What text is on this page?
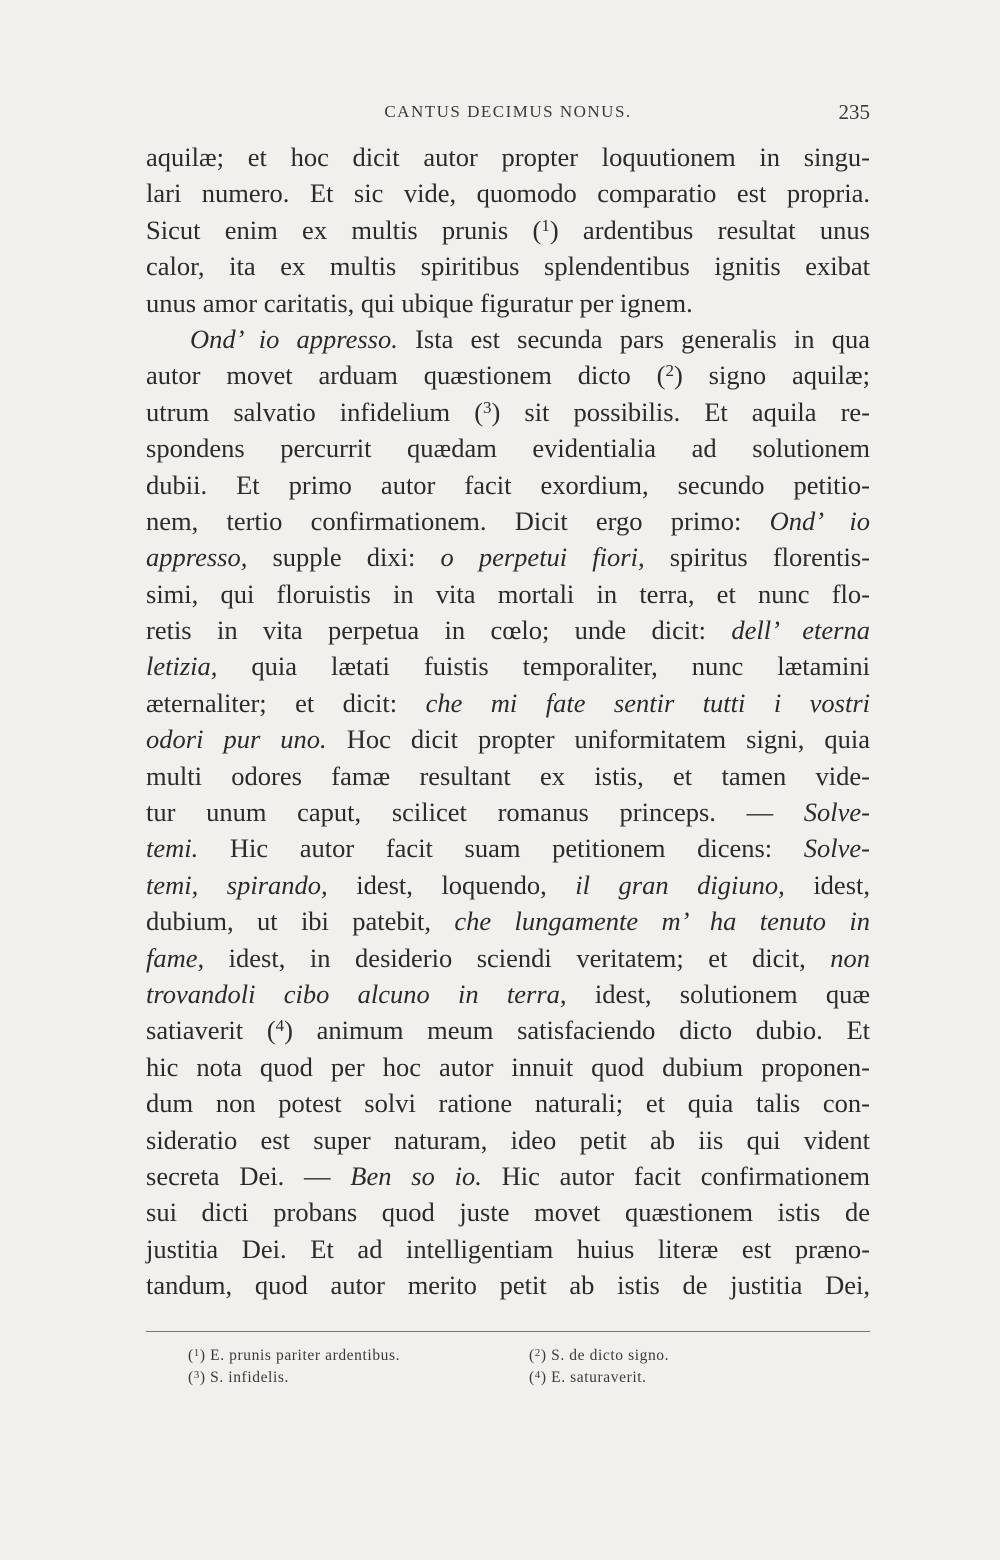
CANTUS DECIMUS NONUS.	235
aquilæ; et hoc dicit autor propter loquutionem in singu-
lari numero. Et sic vide, quomodo comparatio est propria.
Sicut enim ex multis prunis ($^1$) ardentibus resultat unus
calor, ita ex multis spiritibus splendentibus ignitis exibat
unus amor caritatis, qui ubique figuratur per ignem.
Ond’ io appresso. Ista est secunda pars generalis in qua
autor movet arduam quæstionem dicto ($^2$) signo aquilæ;
utrum salvatio infidelium ($^3$) sit possibilis. Et aquila re-
spondens percurrit quædam evidentialia ad solutionem
dubii. Et primo autor facit exordium, secundo petitio-
nem, tertio confirmationem. Dicit ergo primo: Ond’ io
appresso, supple dixi: o perpetui fiori, spiritus florentis-
simi, qui floruistis in vita mortali in terra, et nunc flo-
retis in vita perpetua in cœlo; unde dicit: dell’ eterna
letizia, quia lætati fuistis temporaliter, nunc lætamini
æternaliter; et dicit: che mi fate sentir tutti i vostri
odori pur uno. Hoc dicit propter uniformitatem signi, quia
multi odores famæ resultant ex istis, et tamen vide-
tur unum caput, scilicet romanus princeps. — Solve-
temi. Hic autor facit suam petitionem dicens: Solve-
temi, spirando, idest, loquendo, il gran digiuno, idest,
dubium, ut ibi patebit, che lungamente m’ ha tenuto in
fame, idest, in desiderio sciendi veritatem; et dicit, non
trovandoli cibo alcuno in terra, idest, solutionem quæ
satiaverit ($^4$) animum meum satisfaciendo dicto dubio. Et
hic nota quod per hoc autor innuit quod dubium proponen-
dum non potest solvi ratione naturali; et quia talis con-
sideratio est super naturam, ideo petit ab iis qui vident
secreta Dei. — Ben so io. Hic autor facit confirmationem
sui dicti probans quod juste movet quæstionem istis de
justitia Dei. Et ad intelligentiam huius literæ est præno-
tandum, quod autor merito petit ab istis de justitia Dei,
($^1$) E. prunis pariter ardentibus.	($^2$) S. de dicto signo.
($^3$) S. infidelis.	($^4$) E. saturaverit.
